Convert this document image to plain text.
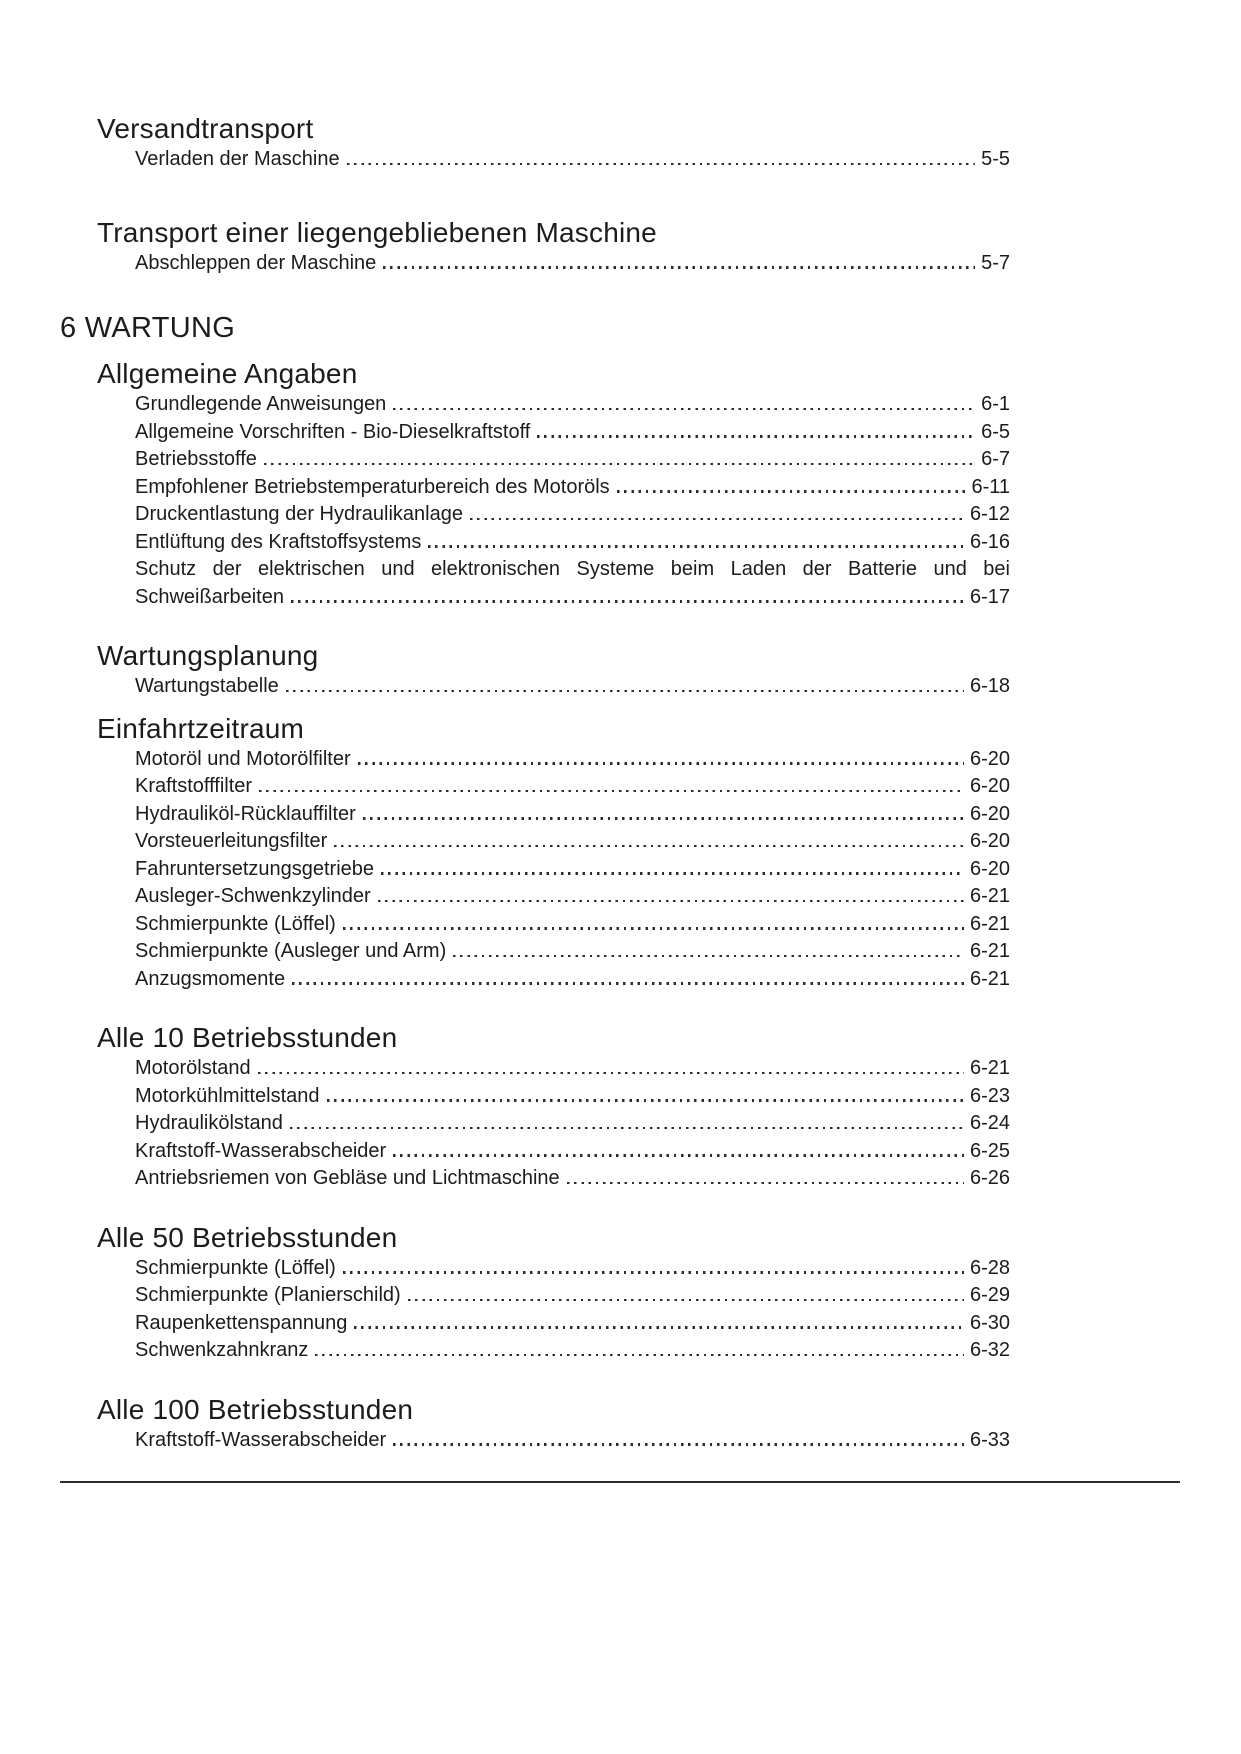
Versandtransport
Verladen der Maschine	5-5
Transport einer liegengebliebenen Maschine
Abschleppen der Maschine	5-7
6 WARTUNG
Allgemeine Angaben
Grundlegende Anweisungen	6-1
Allgemeine Vorschriften - Bio-Dieselkraftstoff	6-5
Betriebsstoffe	6-7
Empfohlener Betriebstemperaturbereich des Motoröls	6-11
Druckentlastung der Hydraulikanlage	6-12
Entlüftung des Kraftstoffsystems	6-16
Schutz der elektrischen und elektronischen Systeme beim Laden der Batterie und bei
Schweißarbeiten	6-17
Wartungsplanung
Wartungstabelle	6-18
Einfahrtzeitraum
Motoröl und Motorölfilter	6-20
Kraftstofffilter	6-20
Hydrauliköl-Rücklauffilter	6-20
Vorsteuerleitungsfilter	6-20
Fahruntersetzungsgetriebe	6-20
Ausleger-Schwenkzylinder	6-21
Schmierpunkte (Löffel)	6-21
Schmierpunkte (Ausleger und Arm)	6-21
Anzugsmomente	6-21
Alle 10 Betriebsstunden
Motorölstand	6-21
Motorkühlmittelstand	6-23
Hydraulikölstand	6-24
Kraftstoff-Wasserabscheider	6-25
Antriebsriemen von Gebläse und Lichtmaschine	6-26
Alle 50 Betriebsstunden
Schmierpunkte (Löffel)	6-28
Schmierpunkte (Planierschild)	6-29
Raupenkettenspannung	6-30
Schwenkzahnkranz	6-32
Alle 100 Betriebsstunden
Kraftstoff-Wasserabscheider	6-33
